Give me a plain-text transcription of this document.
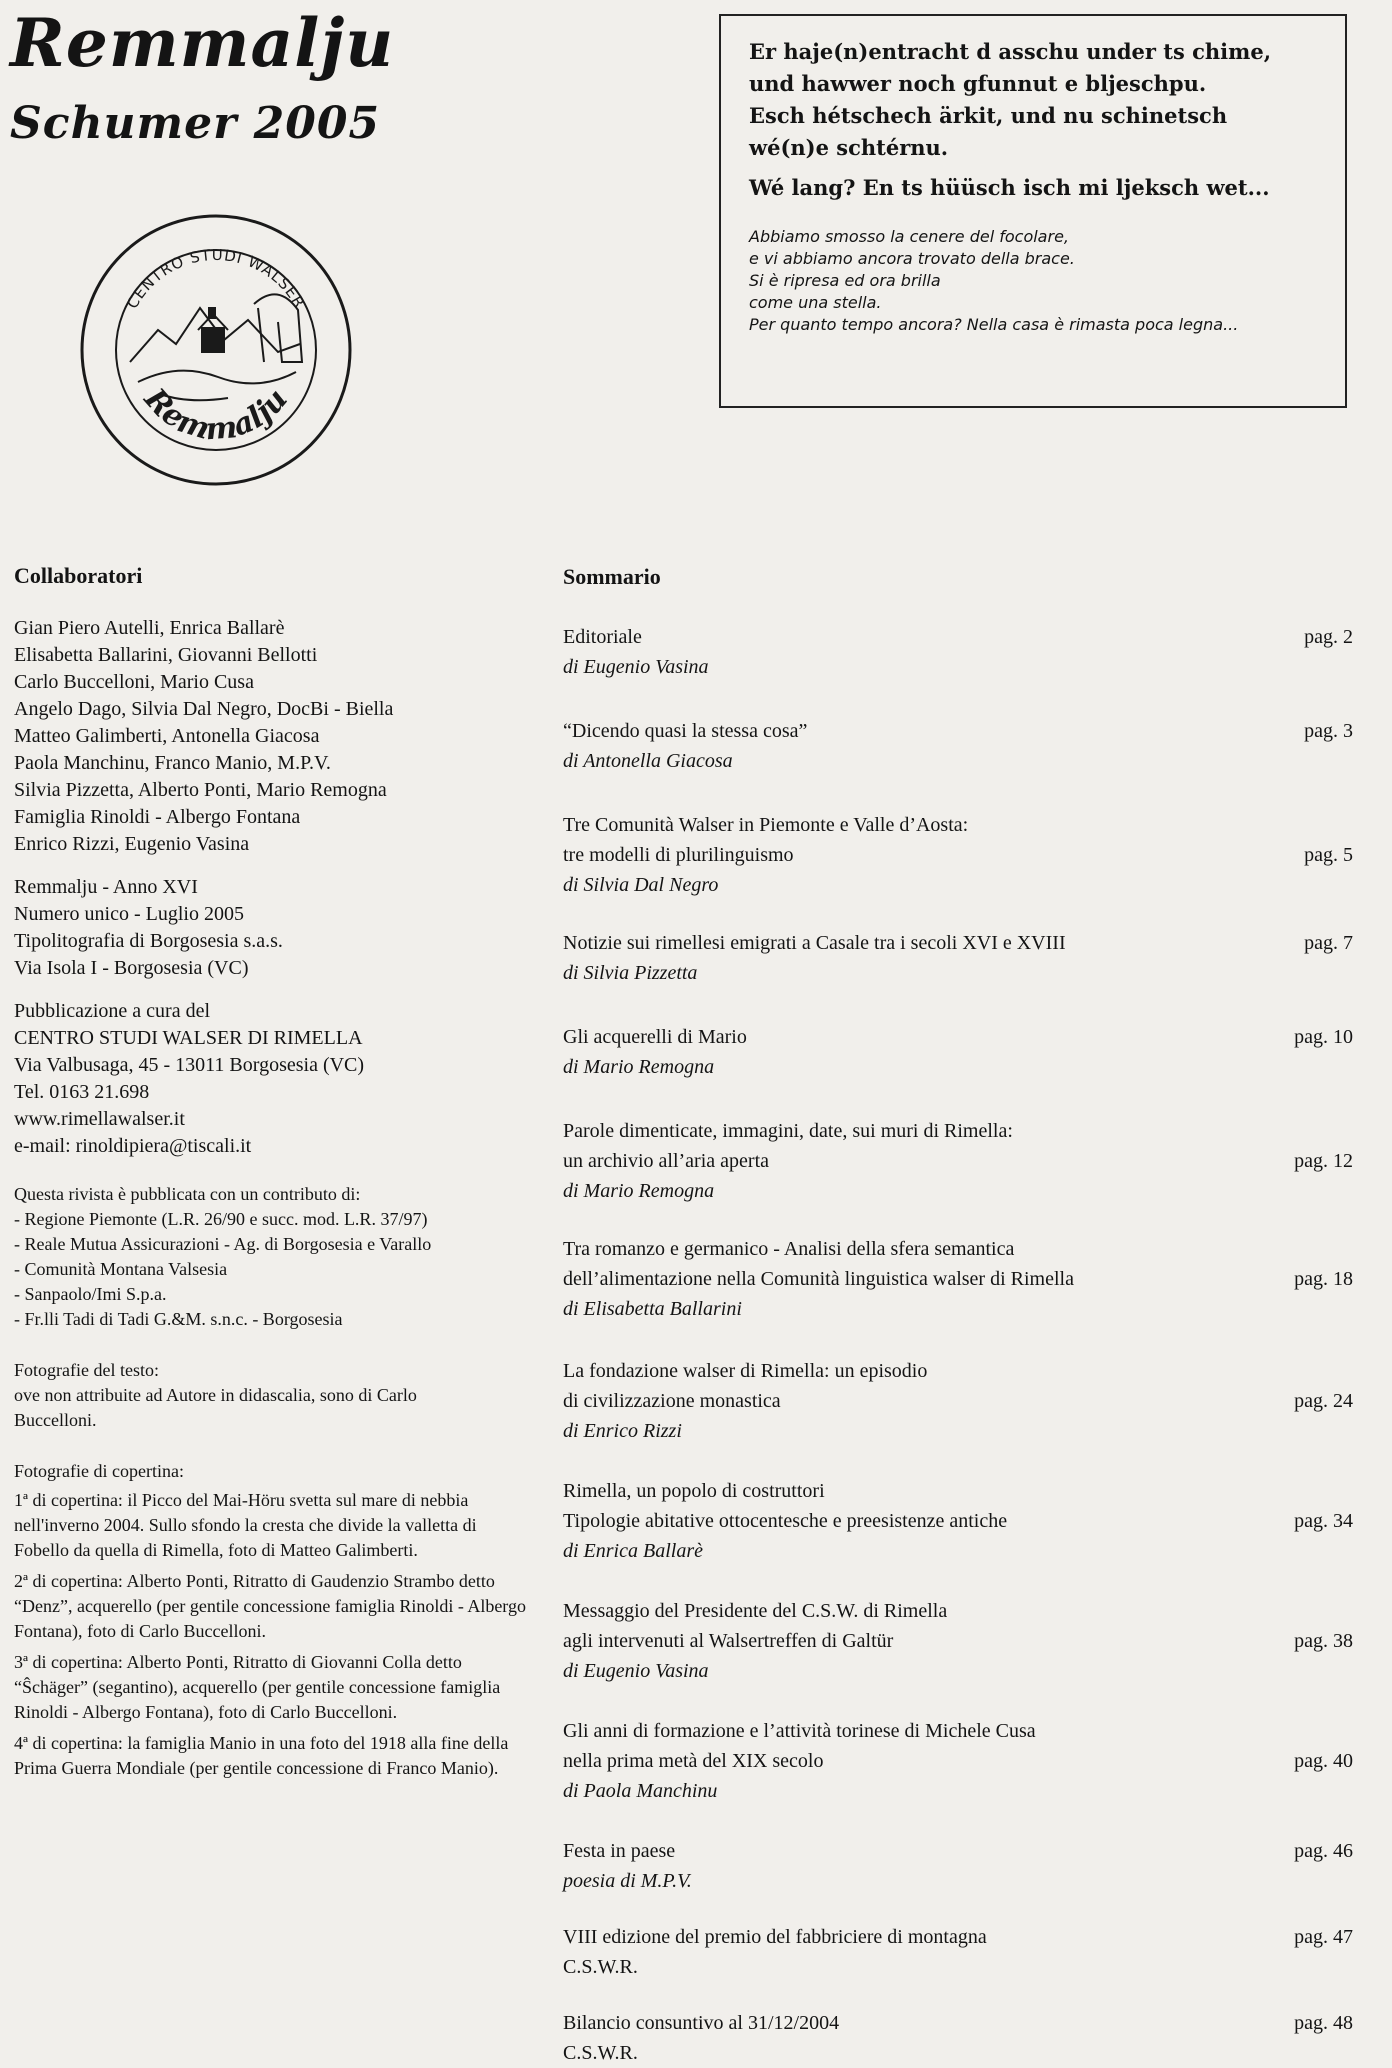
Remmalju
Schumer 2005
CENTRO STUDI WALSER
Remmalju

Er haje(n)entracht d asschu under ts chime,

und hawwer noch gfunnut e bljeschpu.

Esch hétschech ärkit, und nu schinetsch

wé(n)e schtérnu.

Wé lang? En ts hüüsch isch mi ljeksch wet...

Abbiamo smosso la cenere del focolare,

e vi abbiamo ancora trovato della brace.

Si è ripresa ed ora brilla

come una stella.

Per quanto tempo ancora? Nella casa è rimasta poca legna...

Collaboratori
Gian Piero Autelli, Enrica Ballarè
Elisabetta Ballarini, Giovanni Bellotti
Carlo Buccelloni, Mario Cusa
Angelo Dago, Silvia Dal Negro, DocBi - Biella
Matteo Galimberti, Antonella Giacosa
Paola Manchinu, Franco Manio, M.P.V.
Silvia Pizzetta, Alberto Ponti, Mario Remogna
Famiglia Rinoldi - Albergo Fontana
Enrico Rizzi, Eugenio Vasina
Remmalju - Anno XVI
Numero unico - Luglio 2005
Tipolitografia di Borgosesia s.a.s.
Via Isola I - Borgosesia (VC)
Pubblicazione a cura del
CENTRO STUDI WALSER DI RIMELLA
Via Valbusaga, 45 - 13011 Borgosesia (VC)
Tel. 0163 21.698
www.rimellawalser.it
e-mail: rinoldipiera@tiscali.it
Questa rivista è pubblicata con un contributo di:
- Regione Piemonte (L.R. 26/90 e succ. mod. L.R. 37/97)
- Reale Mutua Assicurazioni - Ag. di Borgosesia e Varallo
- Comunità Montana Valsesia
- Sanpaolo/Imi S.p.a.
- Fr.lli Tadi di Tadi G.&M. s.n.c. - Borgosesia
Fotografie del testo:
ove non attribuite ad Autore in didascalia, sono di Carlo
Buccelloni.

Fotografie di copertina:

1ª di copertina: il Picco del Mai-Höru svetta sul mare di nebbia nell'inverno 2004. Sullo sfondo la cresta che divide la valletta di Fobello da quella di Rimella, foto di Matteo Galimberti.

2ª di copertina: Alberto Ponti, Ritratto di Gaudenzio Strambo detto “Denz”, acquerello (per gentile concessione famiglia Rinoldi - Albergo Fontana), foto di Carlo Buccelloni.

3ª di copertina: Alberto Ponti, Ritratto di Giovanni Colla detto “Ŝchäger” (segantino), acquerello (per gentile concessione famiglia Rinoldi - Albergo Fontana), foto di Carlo Buccelloni.

4ª di copertina: la famiglia Manio in una foto del 1918 alla fine della Prima Guerra Mondiale (per gentile concessione di Franco Manio).

Sommario
Editoriale
di Eugenio Vasina
pag. 2
“Dicendo quasi la stessa cosa”
di Antonella Giacosa
pag. 3
Tre Comunità Walser in Piemonte e Valle d’Aosta:
tre modelli di plurilinguismo
di Silvia Dal Negro
pag. 5
Notizie sui rimellesi emigrati a Casale tra i secoli XVI e XVIII
di Silvia Pizzetta
pag. 7
Gli acquerelli di Mario
di Mario Remogna
pag. 10
Parole dimenticate, immagini, date, sui muri di Rimella:
un archivio all’aria aperta
di Mario Remogna
pag. 12
Tra romanzo e germanico - Analisi della sfera semantica
dell’alimentazione nella Comunità linguistica walser di Rimella
di Elisabetta Ballarini
pag. 18
La fondazione walser di Rimella: un episodio
di civilizzazione monastica
di Enrico Rizzi
pag. 24
Rimella, un popolo di costruttori
Tipologie abitative ottocentesche e preesistenze antiche
di Enrica Ballarè
pag. 34
Messaggio del Presidente del C.S.W. di Rimella
agli intervenuti al Walsertreffen di Galtür
di Eugenio Vasina
pag. 38
Gli anni di formazione e l’attività torinese di Michele Cusa
nella prima metà del XIX secolo
di Paola Manchinu
pag. 40
Festa in paese
poesia di M.P.V.
pag. 46
VIII edizione del premio del fabbriciere di montagna
C.S.W.R.
pag. 47
Bilancio consuntivo al 31/12/2004
C.S.W.R.
pag. 48
